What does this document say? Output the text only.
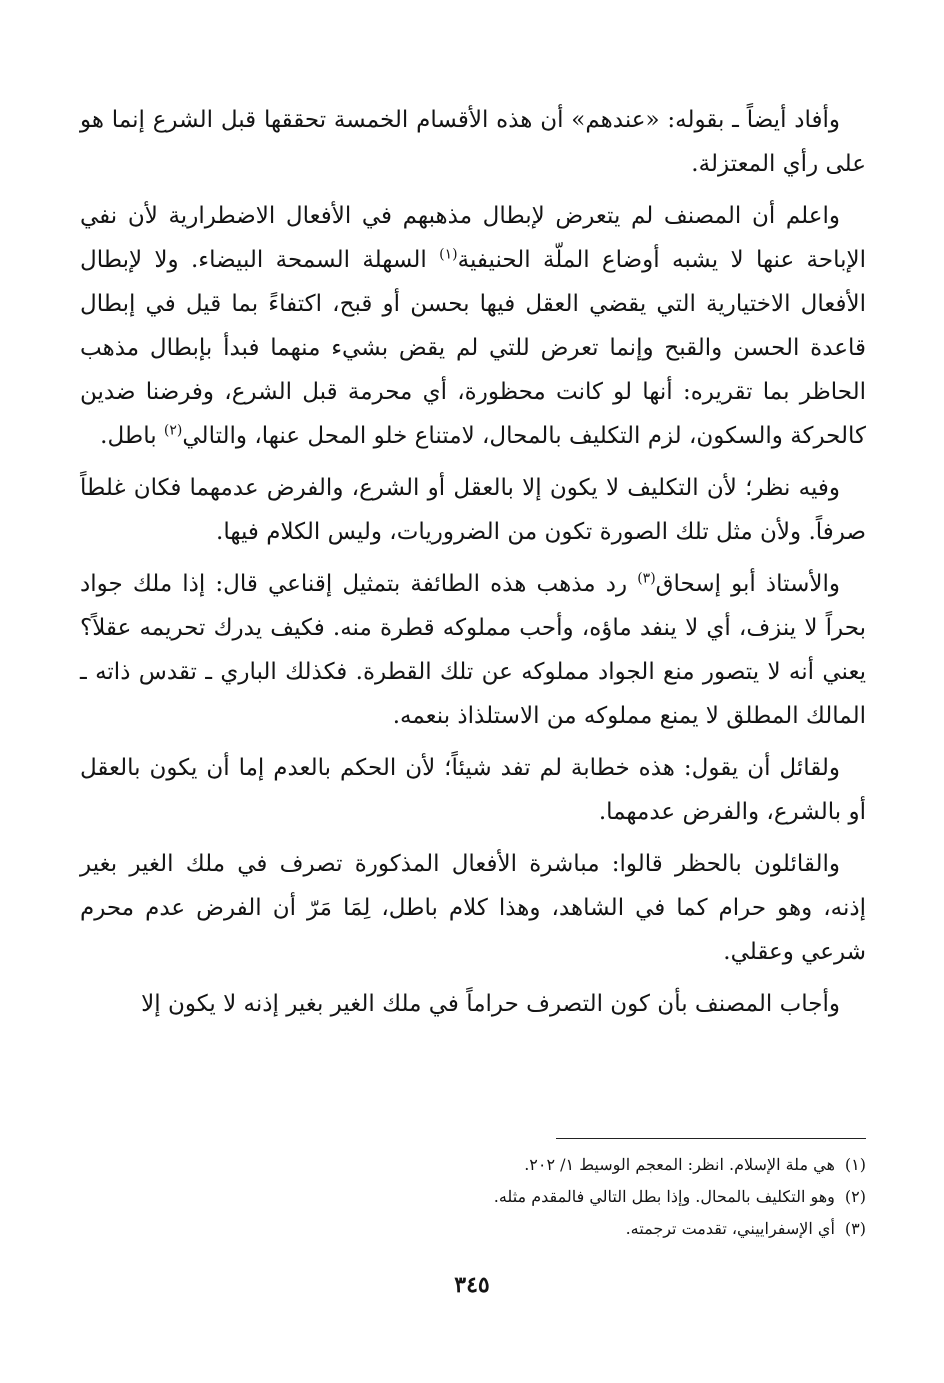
وأفاد أيضاً ـ بقوله: «عندهم» أن هذه الأقسام الخمسة تحققها قبل الشرع إنما هو على رأي المعتزلة.

واعلم أن المصنف لم يتعرض لإبطال مذهبهم في الأفعال الاضطرارية لأن نفي الإباحة عنها لا يشبه أوضاع الملّة الحنيفية$^{(١)}$ السهلة السمحة البيضاء. ولا لإبطال الأفعال الاختيارية التي يقضي العقل فيها بحسن أو قبح، اكتفاءً بما قيل في إبطال قاعدة الحسن والقبح وإنما تعرض للتي لم يقض بشيء منهما فبدأ بإبطال مذهب الحاظر بما تقريره: أنها لو كانت محظورة، أي محرمة قبل الشرع، وفرضنا ضدين كالحركة والسكون، لزم التكليف بالمحال، لامتناع خلو المحل عنها، والتالي$^{(٢)}$ باطل.

وفيه نظر؛ لأن التكليف لا يكون إلا بالعقل أو الشرع، والفرض عدمهما فكان غلطاً صرفاً. ولأن مثل تلك الصورة تكون من الضروريات، وليس الكلام فيها.

والأستاذ أبو إسحاق$^{(٣)}$ رد مذهب هذه الطائفة بتمثيل إقناعي قال: إذا ملك جواد بحراً لا ينزف، أي لا ينفد ماؤه، وأحب مملوكه قطرة منه. فكيف يدرك تحريمه عقلاً؟ يعني أنه لا يتصور منع الجواد مملوكه عن تلك القطرة. فكذلك الباري ـ تقدس ذاته ـ المالك المطلق لا يمنع مملوكه من الاستلذاذ بنعمه.

ولقائل أن يقول: هذه خطابة لم تفد شيئاً؛ لأن الحكم بالعدم إما أن يكون بالعقل أو بالشرع، والفرض عدمهما.

والقائلون بالحظر قالوا: مباشرة الأفعال المذكورة تصرف في ملك الغير بغير إذنه، وهو حرام كما في الشاهد، وهذا كلام باطل، لِمَا مَرّ أن الفرض عدم محرم شرعي وعقلي.

وأجاب المصنف بأن كون التصرف حراماً في ملك الغير بغير إذنه لا يكون إلا

(١)هي ملة الإسلام. انظر: المعجم الوسيط ١/ ٢٠٢.

(٢)وهو التكليف بالمحال. وإذا بطل التالي فالمقدم مثله.

(٣)أي الإسفراييني، تقدمت ترجمته.

٣٤٥
